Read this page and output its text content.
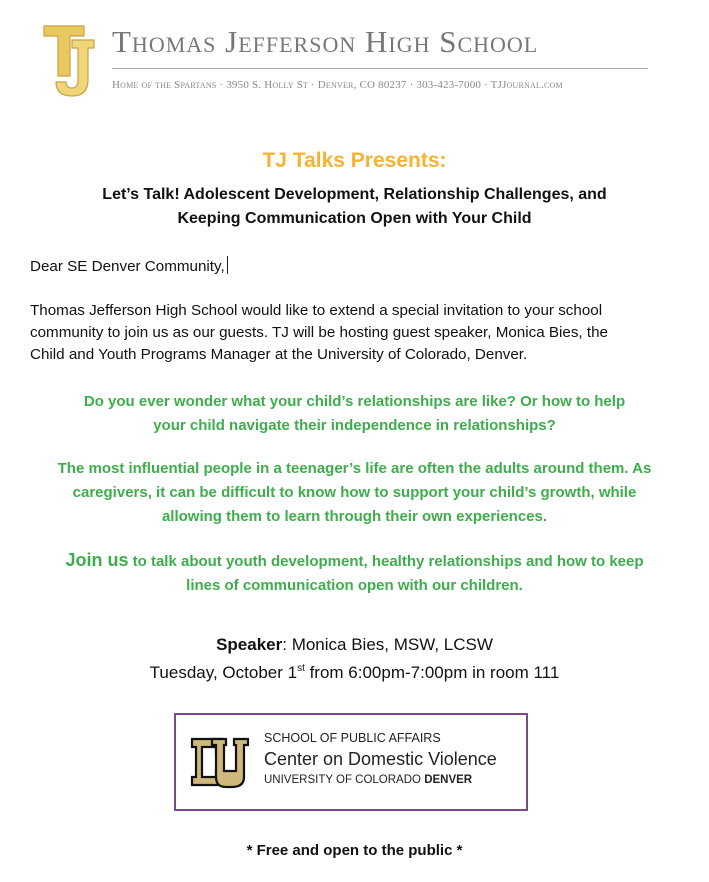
Thomas Jefferson High School
Home of the Spartans · 3950 S. Holly St · Denver, CO 80237 · 303-423-7000 · TJJournal.com
TJ Talks Presents:
Let’s Talk! Adolescent Development, Relationship Challenges, and
Keeping Communication Open with Your Child
Dear SE Denver Community,
Thomas Jefferson High School would like to extend a special invitation to your school
community to join us as our guests. TJ will be hosting guest speaker, Monica Bies, the
Child and Youth Programs Manager at the University of Colorado, Denver.
Do you ever wonder what your child’s relationships are like? Or how to help
your child navigate their independence in relationships?
The most influential people in a teenager’s life are often the adults around them. As
caregivers, it can be difficult to know how to support your child’s growth, while
allowing them to learn through their own experiences.
Join us to talk about youth development, healthy relationships and how to keep
lines of communication open with our children.
Speaker: Monica Bies, MSW, LCSW
Tuesday, October 1st from 6:00pm-7:00pm in room 111
SCHOOL OF PUBLIC AFFAIRS
Center on Domestic Violence
UNIVERSITY OF COLORADO DENVER
* Free and open to the public *
